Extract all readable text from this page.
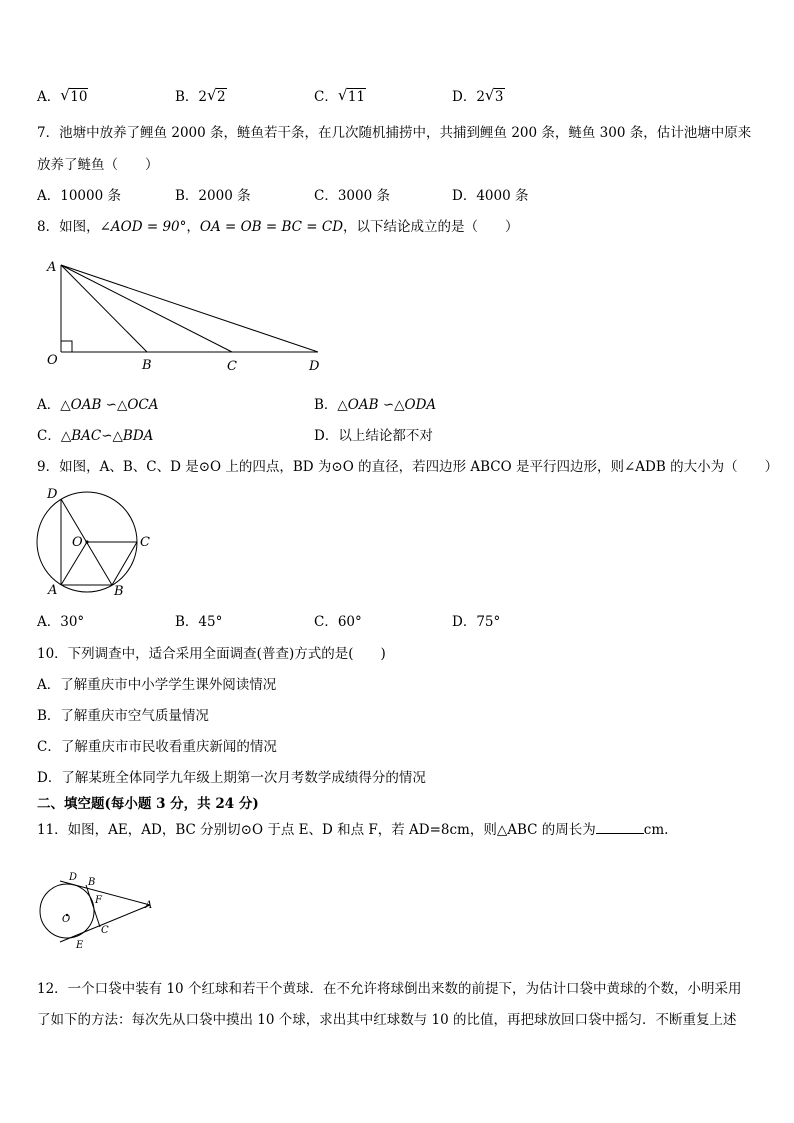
A． √ 10	B．2 √ 2	C． √ 11	D．2 √ 3
7．池塘中放养了鲤鱼 2000 条，鲢鱼若干条，在几次随机捕捞中，共捕到鲤鱼 200 条，鲢鱼 300 条，估计池塘中原来
放养了鲢鱼（　　）
A．10000 条	B．2000 条	C．3000 条	D．4000 条
8．如图，∠AOD = 90°，OA = OB = BC = CD，以下结论成立的是（　　）
A
O	B	C	D
A．△OAB ∽△OCA	B．△OAB ∽△ODA
C．△BAC∽△BDA	D．以上结论都不对
9．如图，A、B、C、D 是⊙O 上的四点，BD 为⊙O 的直径，若四边形 ABCO 是平行四边形，则∠ADB 的大小为（　　）
D
O	C
A	B
A．30°	B．45°	C．60°	D．75°
10．下列调查中，适合采用全面调查(普查)方式的是(　　)
A．了解重庆市中小学学生课外阅读情况
B．了解重庆市空气质量情况
C．了解重庆市市民收看重庆新闻的情况
D．了解某班全体同学九年级上期第一次月考数学成绩得分的情况
二、填空题(每小题 3 分，共 24 分)
11．如图，AE，AD，BC 分别切⊙O 于点 E、D 和点 F，若 AD=8cm，则△ABC 的周长为	cm.
D B
F
O
A
C
E
12．一个口袋中装有 10 个红球和若干个黄球．在不允许将球倒出来数的前提下，为估计口袋中黄球的个数，小明采用
了如下的方法：每次先从口袋中摸出 10 个球，求出其中红球数与 10 的比值，再把球放回口袋中摇匀．不断重复上述
